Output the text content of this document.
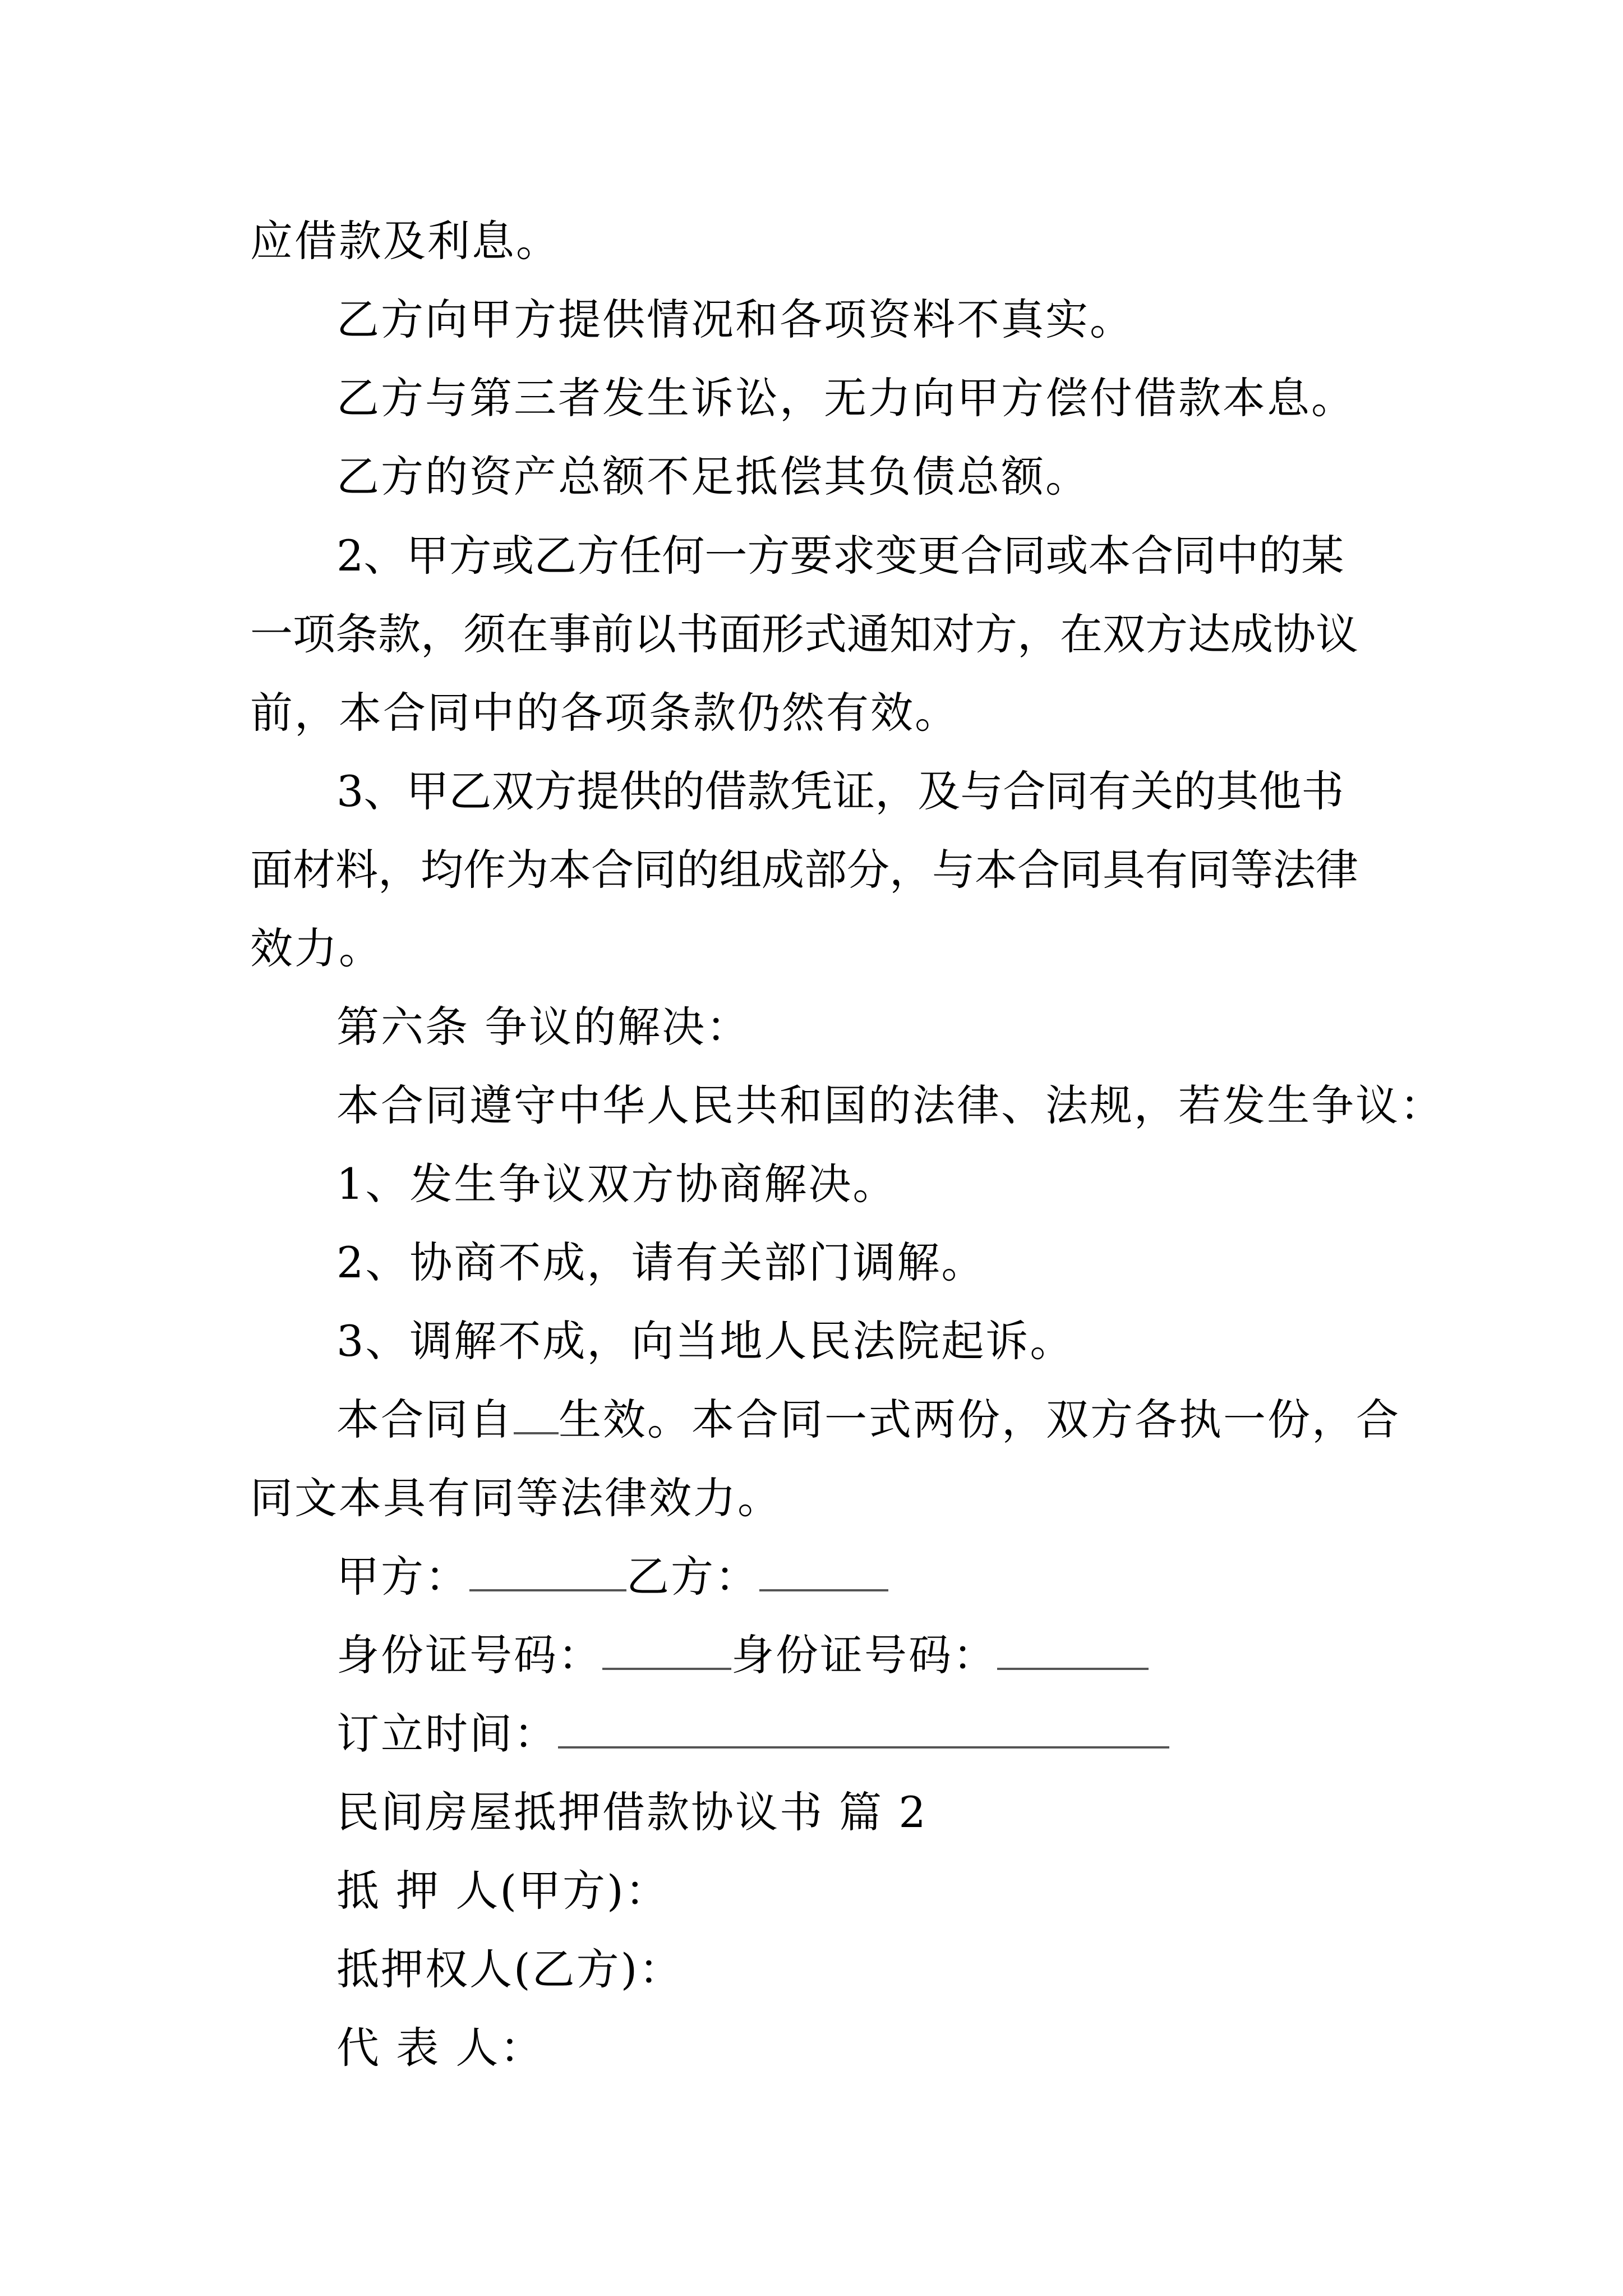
应借款及利息。
乙方向甲方提供情况和各项资料不真实。
乙方与第三者发生诉讼，无力向甲方偿付借款本息。
乙方的资产总额不足抵偿其负债总额。
2、甲方或乙方任何一方要求变更合同或本合同中的某
一项条款，须在事前以书面形式通知对方，在双方达成协议
前，本合同中的各项条款仍然有效。
3、甲乙双方提供的借款凭证，及与合同有关的其他书
面材料，均作为本合同的组成部分，与本合同具有同等法律
效力。
第六条 争议的解决：
本合同遵守中华人民共和国的法律、法规，若发生争议：
1、发生争议双方协商解决。
2、协商不成，请有关部门调解。
3、调解不成，向当地人民法院起诉。
本合同自 生效。本合同一式两份，双方各执一份，合
同文本具有同等法律效力。
甲方：	乙方：
身份证号码：	身份证号码：
订立时间：
民间房屋抵押借款协议书 篇 2
抵 押 人(甲方)：
抵押权人(乙方)：
代 表 人：
